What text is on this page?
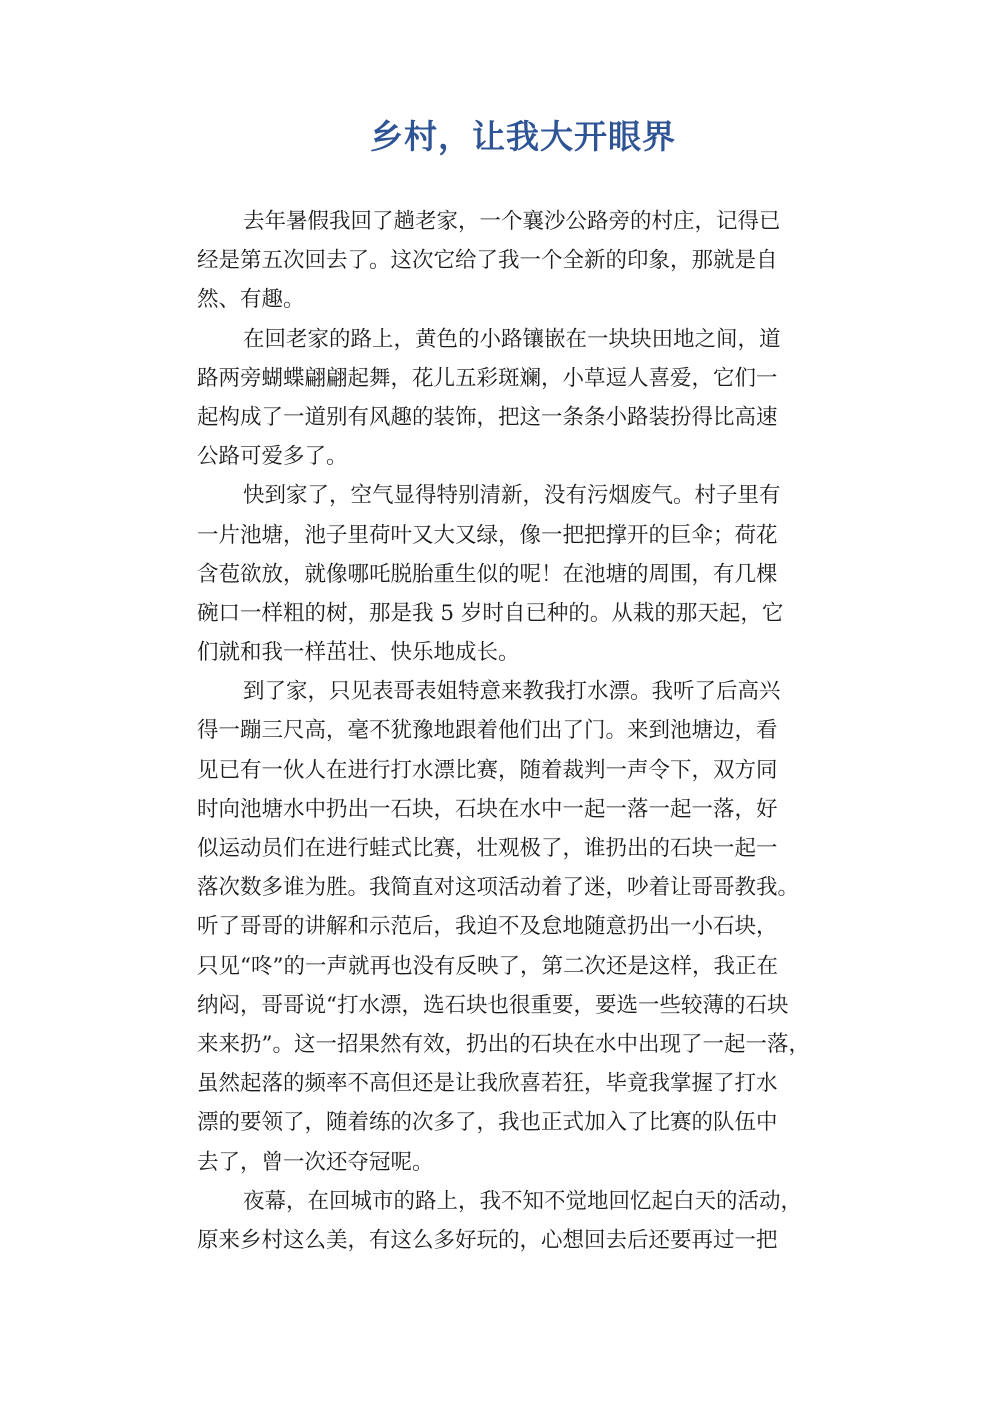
乡村，让我大开眼界
去年暑假我回了趟老家，一个襄沙公路旁的村庄，记得已
经是第五次回去了。这次它给了我一个全新的印象，那就是自
然、有趣。
在回老家的路上，黄色的小路镶嵌在一块块田地之间，道
路两旁蝴蝶翩翩起舞，花儿五彩斑斓，小草逗人喜爱，它们一
起构成了一道别有风趣的装饰，把这一条条小路装扮得比高速
公路可爱多了。
快到家了，空气显得特别清新，没有污烟废气。村子里有
一片池塘，池子里荷叶又大又绿，像一把把撑开的巨伞；荷花
含苞欲放，就像哪吒脱胎重生似的呢！在池塘的周围，有几棵
碗口一样粗的树，那是我 5 岁时自已种的。从栽的那天起，它
们就和我一样茁壮、快乐地成长。
到了家，只见表哥表姐特意来教我打水漂。我听了后高兴
得一蹦三尺高，毫不犹豫地跟着他们出了门。来到池塘边，看
见已有一伙人在进行打水漂比赛，随着裁判一声令下，双方同
时向池塘水中扔出一石块，石块在水中一起一落一起一落，好
似运动员们在进行蛙式比赛，壮观极了，谁扔出的石块一起一
落次数多谁为胜。我简直对这项活动着了迷，吵着让哥哥教我。
听了哥哥的讲解和示范后，我迫不及怠地随意扔出一小石块，
只见“咚”的一声就再也没有反映了，第二次还是这样，我正在
纳闷，哥哥说“打水漂，选石块也很重要，要选一些较薄的石块
来来扔”。这一招果然有效，扔出的石块在水中出现了一起一落，
虽然起落的频率不高但还是让我欣喜若狂，毕竟我掌握了打水
漂的要领了，随着练的次多了，我也正式加入了比赛的队伍中
去了，曾一次还夺冠呢。
夜幕，在回城市的路上，我不知不觉地回忆起白天的活动，
原来乡村这么美，有这么多好玩的，心想回去后还要再过一把
